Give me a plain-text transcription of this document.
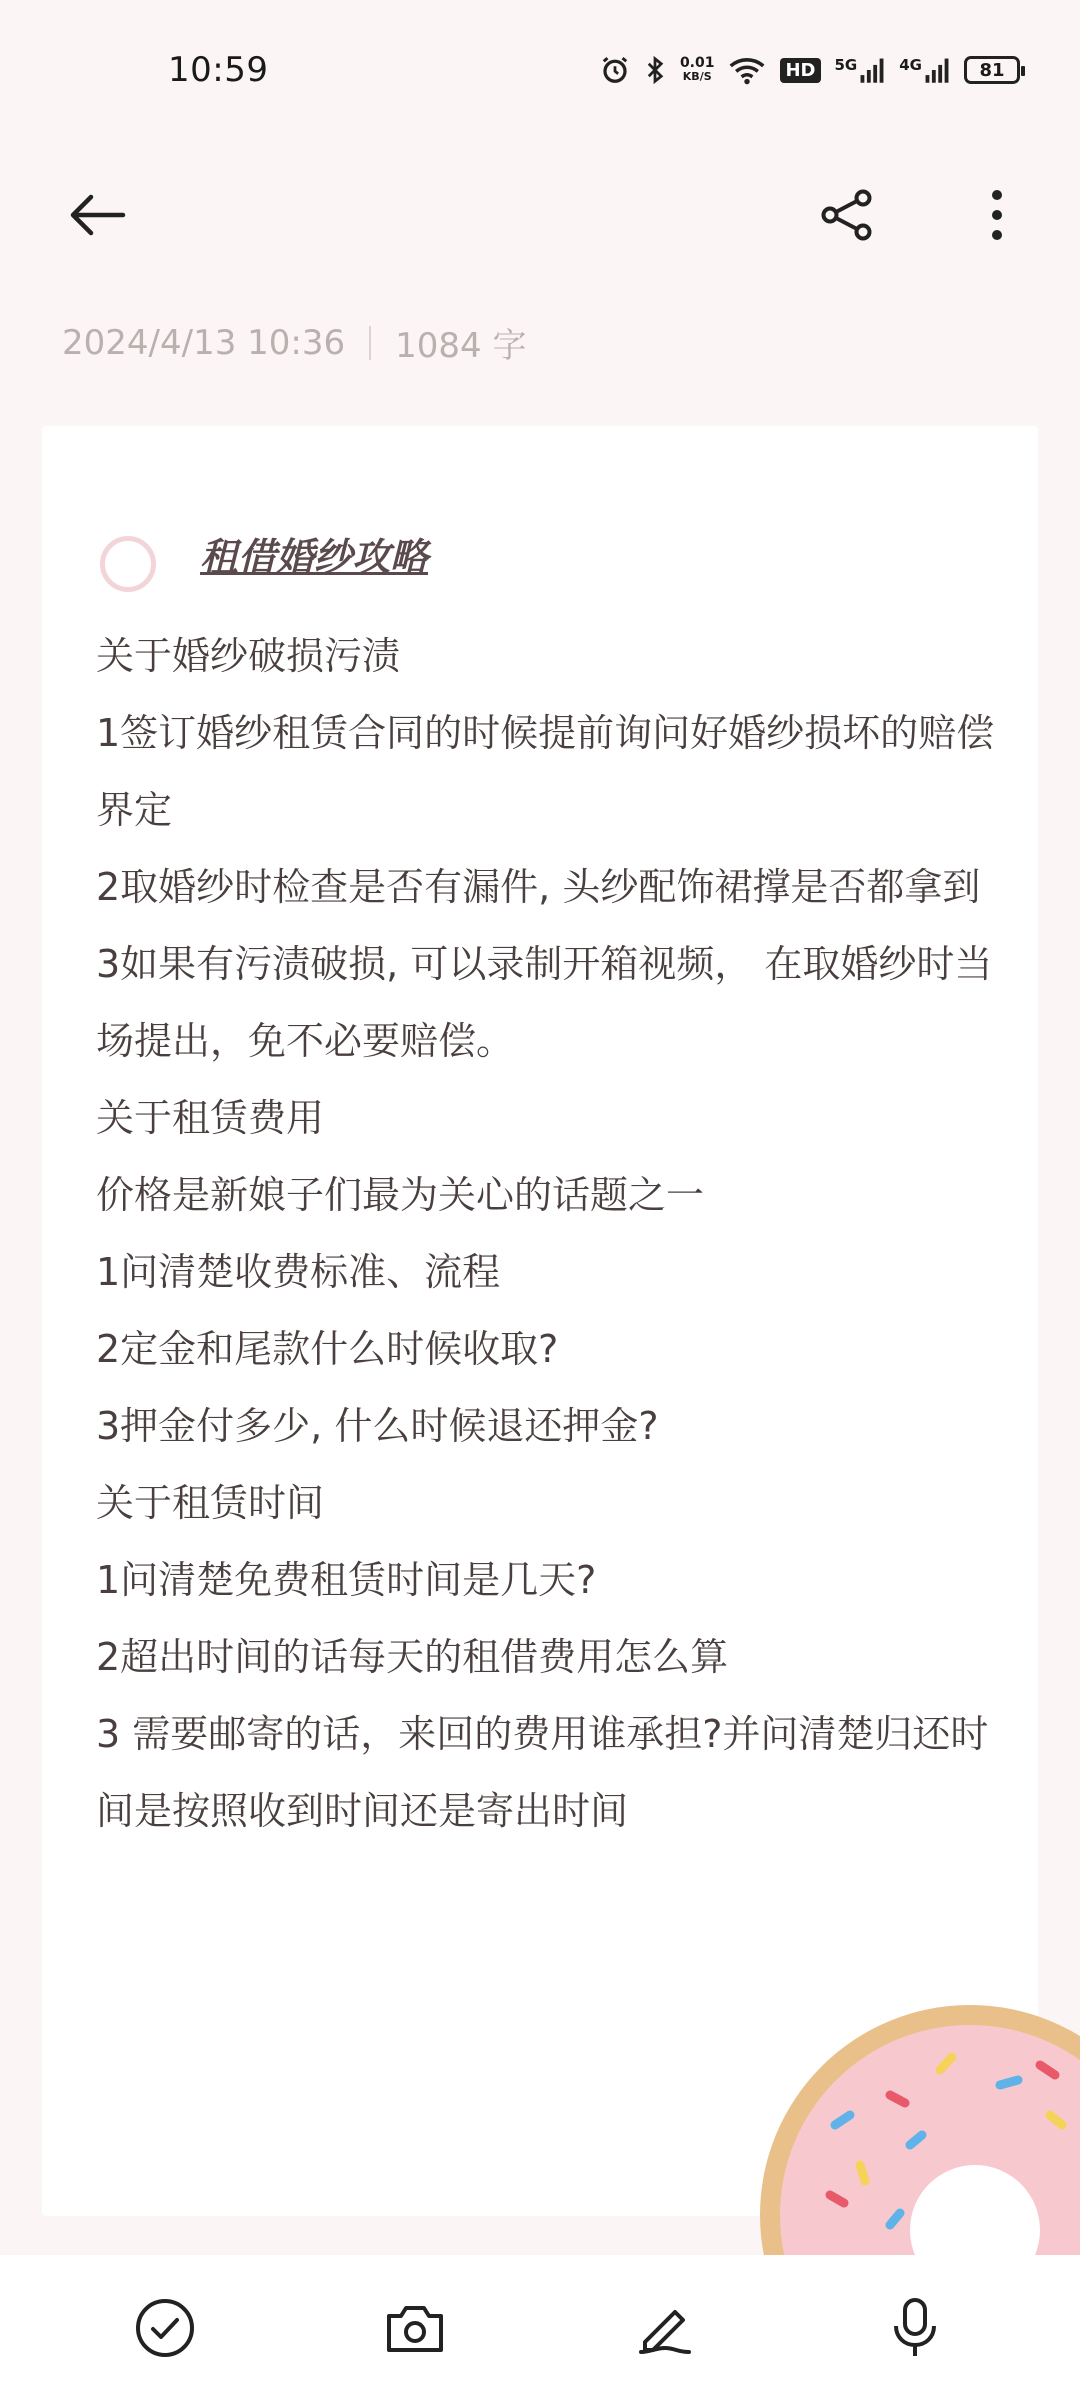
10:59	0.01
KB/S	HD	5G	4G	81
2024/4/13 10:36 1084 字
租借婚纱攻略

关于婚纱破损污渍

1签订婚纱租赁合同的时候提前询问好婚纱损坏的赔偿界定

2取婚纱时检查是否有漏件, 头纱配饰裙撑是否都拿到

3如果有污渍破损, 可以录制开箱视频， 在取婚纱时当场提出，免不必要赔偿。

关于租赁费用

价格是新娘子们最为关心的话题之一

1问清楚收费标准、流程

2定金和尾款什么时候收取?

3押金付多少, 什么时候退还押金?

关于租赁时间

1问清楚免费租赁时间是几天?

2超出时间的话每天的租借费用怎么算

3 需要邮寄的话，来回的费用谁承担?并问清楚归还时间是按照收到时间还是寄出时间
